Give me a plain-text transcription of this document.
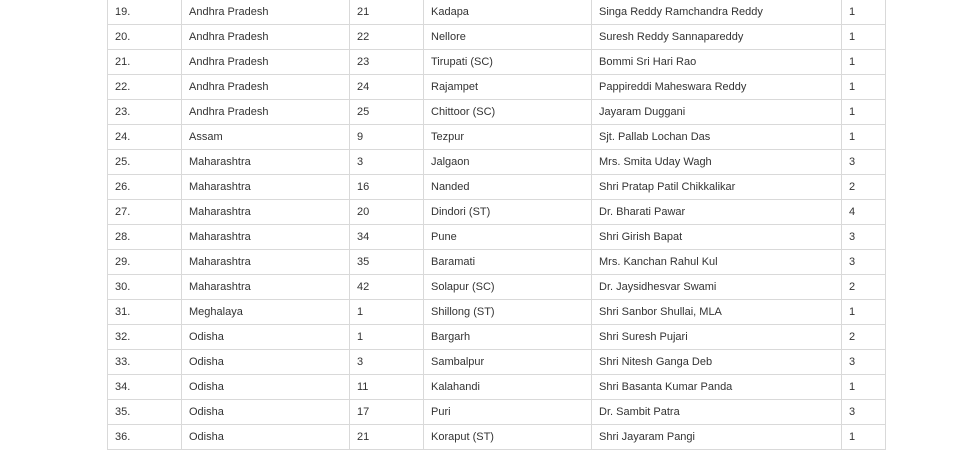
19.	Andhra Pradesh	21	Kadapa	Singa Reddy Ramchandra Reddy	1
20.	Andhra Pradesh	22	Nellore	Suresh Reddy Sannapareddy	1
21.	Andhra Pradesh	23	Tirupati (SC)	Bommi Sri Hari Rao	1
22.	Andhra Pradesh	24	Rajampet	Pappireddi Maheswara Reddy	1
23.	Andhra Pradesh	25	Chittoor (SC)	Jayaram Duggani	1
24.	Assam	9	Tezpur	Sjt. Pallab Lochan Das	1
25.	Maharashtra	3	Jalgaon	Mrs. Smita Uday Wagh	3
26.	Maharashtra	16	Nanded	Shri Pratap Patil Chikkalikar	2
27.	Maharashtra	20	Dindori (ST)	Dr. Bharati Pawar	4
28.	Maharashtra	34	Pune	Shri Girish Bapat	3
29.	Maharashtra	35	Baramati	Mrs. Kanchan Rahul Kul	3
30.	Maharashtra	42	Solapur (SC)	Dr. Jaysidhesvar Swami	2
31.	Meghalaya	1	Shillong (ST)	Shri Sanbor Shullai, MLA	1
32.	Odisha	1	Bargarh	Shri Suresh Pujari	2
33.	Odisha	3	Sambalpur	Shri Nitesh Ganga Deb	3
34.	Odisha	11	Kalahandi	Shri Basanta Kumar Panda	1
35.	Odisha	17	Puri	Dr. Sambit Patra	3
36.	Odisha	21	Koraput (ST)	Shri Jayaram Pangi	1
